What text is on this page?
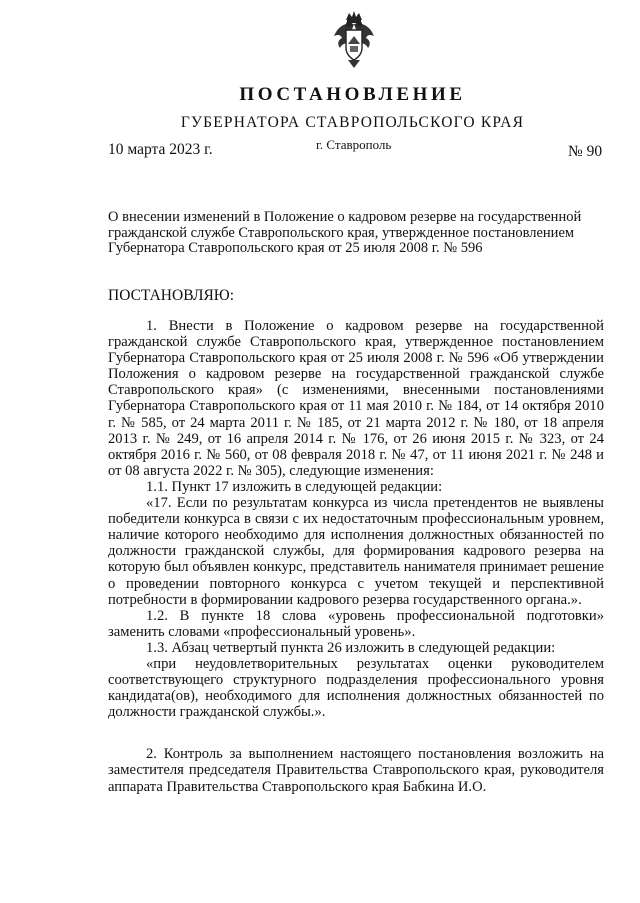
ПОСТАНОВЛЕНИЕ
ГУБЕРНАТОРА СТАВРОПОЛЬСКОГО КРАЯ
10 марта 2023 г.	г. Ставрополь	№ 90
О внесении изменений в Положение о кадровом резерве на государственной гражданской службе Ставропольского края, утвержденное постановлением Губернатора Ставропольского края от 25 июля 2008 г. № 596
ПОСТАНОВЛЯЮ:

1. Внести в Положение о кадровом резерве на государственной гражданской службе Ставропольского края, утвержденное постановлением Губернатора Ставропольского края от 25 июля 2008 г. № 596 «Об утверждении Положения о кадровом резерве на государственной гражданской службе Ставропольского края» (с изменениями, внесенными постановлениями Губернатора Ставропольского края от 11 мая 2010 г. № 184, от 14 октября 2010 г. № 585, от 24 марта 2011 г. № 185, от 21 марта 2012 г. № 180, от 18 апреля 2013 г. № 249, от 16 апреля 2014 г. № 176, от 26 июня 2015 г. № 323, от 24 октября 2016 г. № 560, от 08 февраля 2018 г. № 47, от 11 июня 2021 г. № 248 и от 08 августа 2022 г. № 305), следующие изменения:

1.1. Пункт 17 изложить в следующей редакции:

«17. Если по результатам конкурса из числа претендентов не выявлены победители конкурса в связи с их недостаточным профессиональным уровнем, наличие которого необходимо для исполнения должностных обязанностей по должности гражданской службы, для формирования кадрового резерва на которую был объявлен конкурс, представитель нанимателя принимает решение о проведении повторного конкурса с учетом текущей и перспективной потребности в формировании кадрового резерва государственного органа.».

1.2. В пункте 18 слова «уровень профессиональной подготовки» заменить словами «профессиональный уровень».

1.3. Абзац четвертый пункта 26 изложить в следующей редакции:

«при неудовлетворительных результатах оценки руководителем соответствующего структурного подразделения профессионального уровня кандидата(ов), необходимого для исполнения должностных обязанностей по должности гражданской службы.».

2. Контроль за выполнением настоящего постановления возложить на заместителя председателя Правительства Ставропольского края, руководителя аппарата Правительства Ставропольского края Бабкина И.О.
